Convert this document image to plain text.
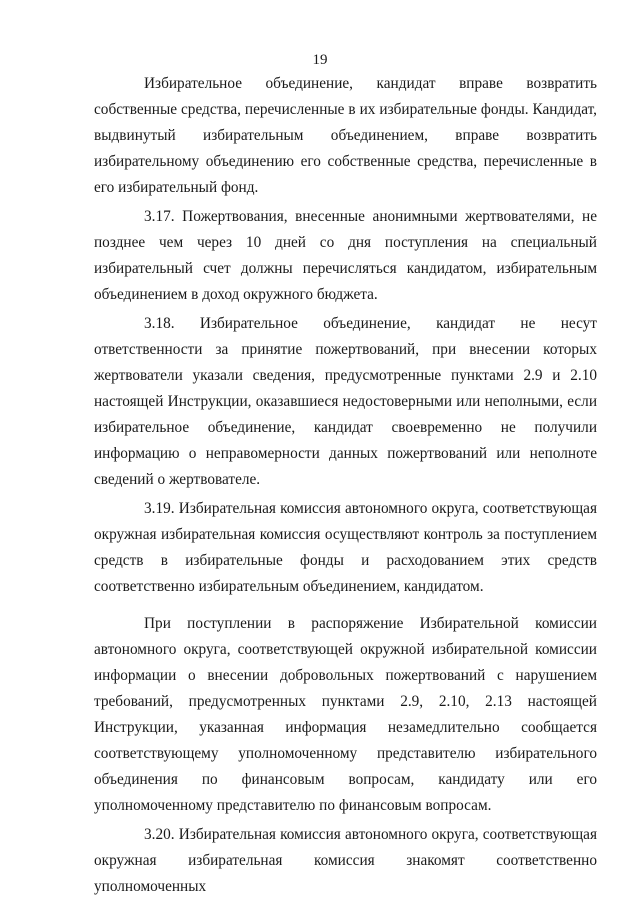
19

Избирательное объединение, кандидат вправе возвратить собственные средства, перечисленные в их избирательные фонды. Кандидат, выдвинутый избирательным объединением, вправе возвратить избирательному объединению его собственные средства, перечисленные в его избирательный фонд.

3.17. Пожертвования, внесенные анонимными жертвователями, не позднее чем через 10 дней со дня поступления на специальный избирательный счет должны перечисляться кандидатом, избирательным объединением в доход окружного бюджета.

3.18. Избирательное объединение, кандидат не несут ответственности за принятие пожертвований, при внесении которых жертвователи указали сведения, предусмотренные пунктами 2.9 и 2.10 настоящей Инструкции, оказавшиеся недостоверными или неполными, если избирательное объединение, кандидат своевременно не получили информацию о неправомерности данных пожертвований или неполноте сведений о жертвователе.

3.19. Избирательная комиссия автономного округа, соответствующая окружная избирательная комиссия осуществляют контроль за поступлением средств в избирательные фонды и расходованием этих средств соответственно избирательным объединением, кандидатом.

При поступлении в распоряжение Избирательной комиссии автономного округа, соответствующей окружной избирательной комиссии информации о внесении добровольных пожертвований с нарушением требований, предусмотренных пунктами 2.9, 2.10, 2.13 настоящей Инструкции, указанная информация незамедлительно сообщается соответствующему уполномоченному представителю избирательного объединения по финансовым вопросам, кандидату или его уполномоченному представителю по финансовым вопросам.

3.20. Избирательная комиссия автономного округа, соответствующая окружная избирательная комиссия знакомят соответственно уполномоченных
